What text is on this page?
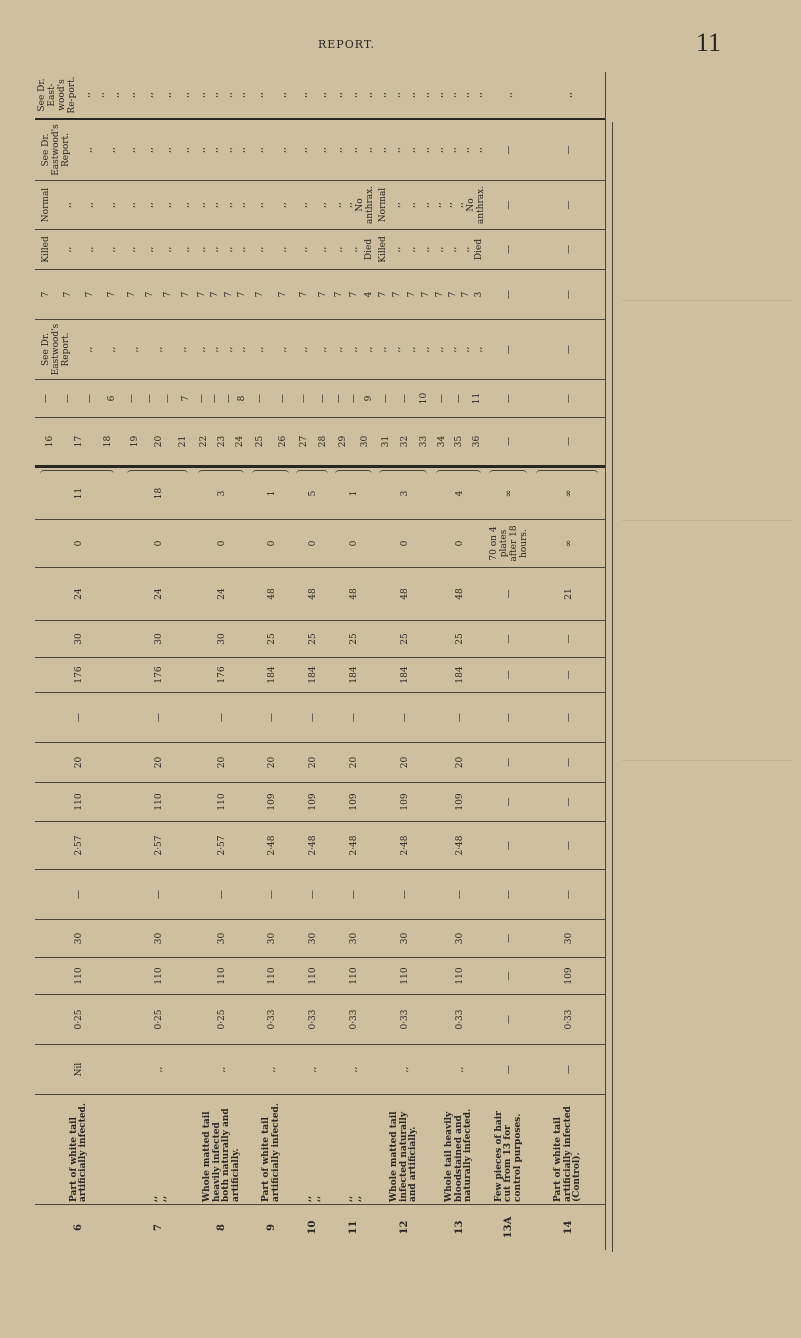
REPORT.	11
6
Part of white tail artificially infected.
Nil
0·25
110
30
—
2·57
110
20
—
176
30
24
0
11
16 17 18
— — — 6
See Dr. Eastwood's Report. ,, ,,
7 7 7 7
Killed ,, ,, ,,
Normal ,, ,, ,,
See Dr. Eastwood's Report. ,, ,,
See Dr. East-wood's Re-port. ,, ,, ,,
7
,, ,,
,,
0·25
110
30
—
2·57
110
20
—
176
30
24
0
18
19 20 21
— — — 7
,, ,, ,,
7 7 7 7
,, ,, ,, ,,
,, ,, ,, ,,
,, ,, ,, ,,
,, ,, ,, ,,
8
Whole matted tail heavily infected both naturally and artificially.
,,
0·25
110
30
—
2·57
110
20
—
176
30
24
0
3
22 23 24
— — — 8
,, ,, ,, ,,
7 7 7 7
,, ,, ,, ,,
,, ,, ,, ,,
,, ,, ,, ,,
,, ,, ,, ,,
9
Part of white tail artificially infected.
,,
0·33
110
30
—
2·48
109
20
—
184
25
48
0
1
25 26
— —
,, ,,
7 7
,, ,,
,, ,,
,, ,,
,, ,,
10
,, ,,
,,
0·33
110
30
—
2·48
109
20
—
184
25
48
0
5
27 28
— —
,, ,,
7 7
,, ,,
,, ,,
,, ,,
,, ,,
11
,, ,,
,,
0·33
110
30
—
2·48
109
20
—
184
25
48
0
1
29 30
— — 9
,, ,, ,,
7 7 4
,, ,, Died
,, ,, No anthrax.
,, ,, ,,
,, ,, ,,
12
Whole matted tail infected naturally and artificially.
,,
0·33
110
30
—
2·48
109
20
—
184
25
48
0
3
31 32 33
— — 10
,, ,, ,, ,,
7 7 7 7
Killed ,, ,, ,,
Normal ,, ,, ,,
,, ,, ,, ,,
,, ,, ,, ,,
13
Whole tail heavily bloodstained and naturally infected.
,,
0·33
110
30
—
2·48
109
20
—
184
25
48
0
4
34 35 36
— — 11
,, ,, ,, ,,
7 7 7 3
,, ,, ,, Died
,, ,, ,, No anthrax.
,, ,, ,, ,,
,, ,, ,, ,,
13A
Few pieces of hair cut from 13 for control purposes.
—
—
—
—
—
—
—
—
—
—
—
—
70 on 4 plates after 18 hours.
∞
—
—
—
—
—
—
—
,,
14
Part of white tail artificially infected (Control).
—
0·33
109
30
—
—
—
—
—
—
—
21
∞
∞
—
—
—
—
—
—
—
,,
